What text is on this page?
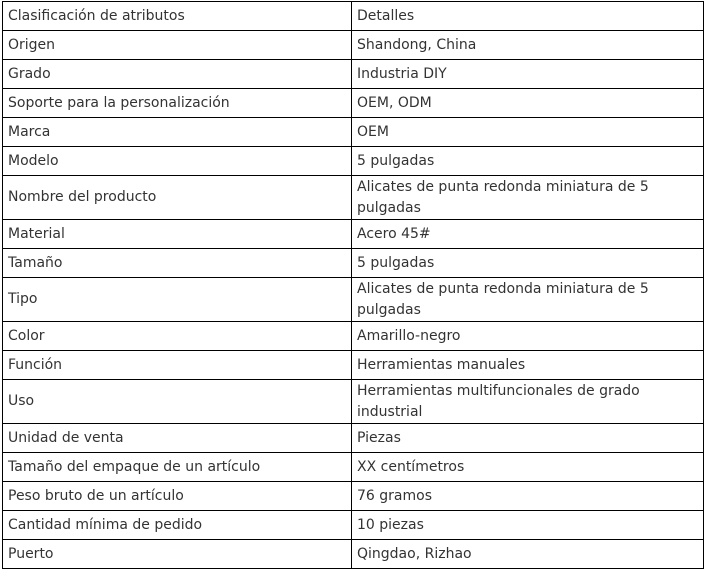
Clasificación de atributos	Detalles
Origen	Shandong, China
Grado	Industria DIY
Soporte para la personalización	OEM, ODM
Marca	OEM
Modelo	5 pulgadas
Nombre del producto	Alicates de punta redonda miniatura de 5 pulgadas
Material	Acero 45#
Tamaño	5 pulgadas
Tipo	Alicates de punta redonda miniatura de 5 pulgadas
Color	Amarillo-negro
Función	Herramientas manuales
Uso	Herramientas multifuncionales de grado industrial
Unidad de venta	Piezas
Tamaño del empaque de un artículo	XX centímetros
Peso bruto de un artículo	76 gramos
Cantidad mínima de pedido	10 piezas
Puerto	Qingdao, Rizhao
